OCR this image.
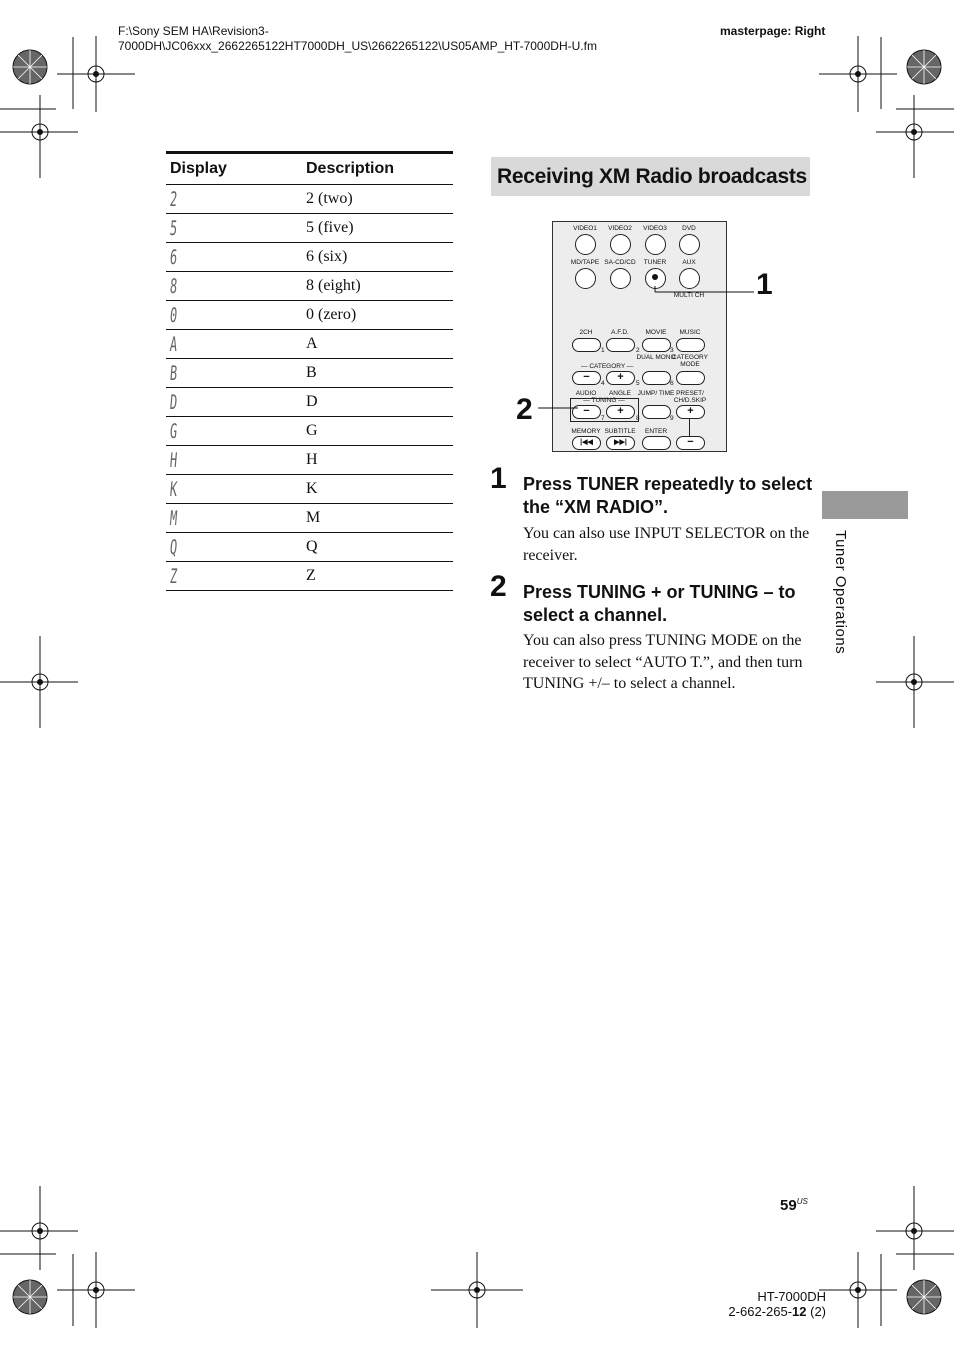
F:\Sony SEM HA\Revision3-
7000DH\JC06xxx_2662265122HT7000DH_US\2662265122\US05AMP_HT-7000DH-U.fm
masterpage: Right
Display	Description
2	2 (two)
5	5 (five)
6	6 (six)
8	8 (eight)
0	0 (zero)
A	A
B	B
D	D
G	G
H	H
K	K
M	M
Q	Q
Z	Z
Receiving XM Radio broadcasts
VIDEO1	VIDEO2	VIDEO3	DVD
MD/TAPE SA-CD/CD	TUNER	AUX
MULTI CH
2CH	A.F.D.	MOVIE	MUSIC
1	2	3
— CATEGORY —
DUAL MONO
CATEGORY MODE
−	+
4	5	6
AUDIO	ANGLE
— TUNING —
JUMP/ TIME PRESET/ CH/D.SKIP
−	+	+
7	8	9
MEMORY SUBTITLE	ENTER
|◀◀	▶▶|	−
1
2
1 Press TUNER repeatedly to select the “XM RADIO”.
You can also use INPUT SELECTOR on the receiver.
2 Press TUNING + or TUNING – to select a channel.
You can also press TUNING MODE on the receiver to select “AUTO T.”, and then turn TUNING +/– to select a channel.
Tuner Operations
$59^{US}$
HT-7000DH
2-662-265-12 (2)
